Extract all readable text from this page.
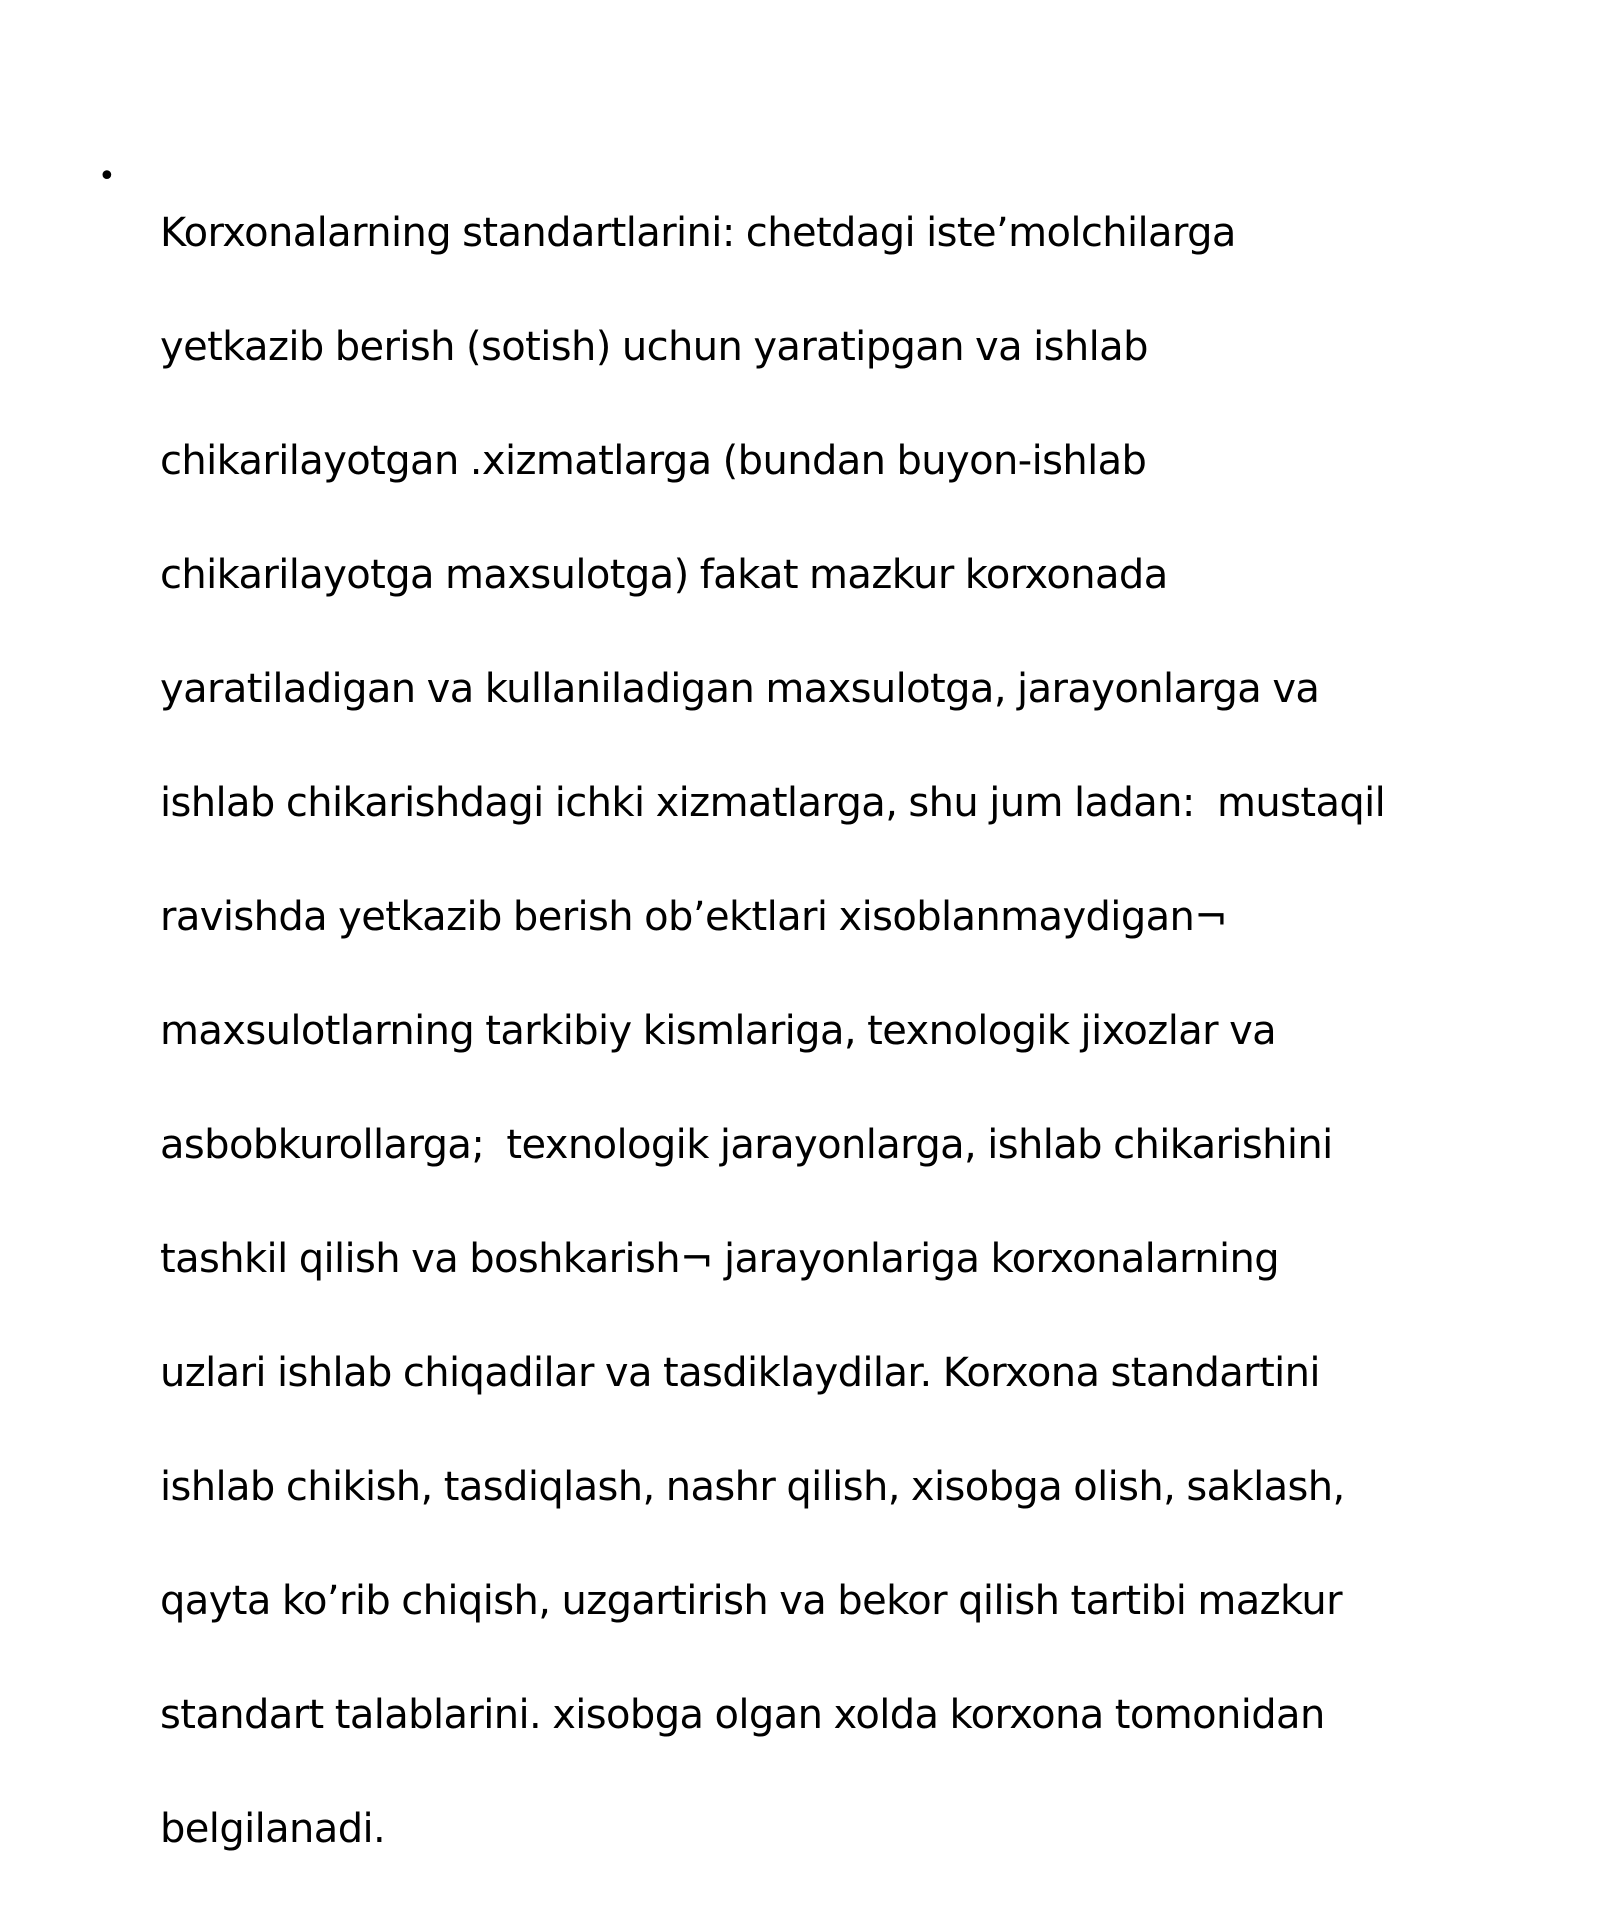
•

Korxonalarning standartlarini: chetdagi iste’molchilarga

yetkazib berish (sotish) uchun yaratipgan va ishlab

chikarilayotgan .xizmatlarga (bundan buyon-ishlab

chikarilayotga maxsulotga) fakat mazkur korxonada

yaratiladigan va kullaniladigan maxsulotga, jarayonlarga va

ishlab chikarishdagi ichki xizmatlarga, shu jum ladan:  mustaqil

ravishda yetkazib berish ob’ektlari xisoblanmaydigan¬

maxsulotlarning tarkibiy kismlariga, texnologik jixozlar va

asbobkurollarga;  texnologik jarayonlarga, ishlab chikarishini

tashkil qilish va boshkarish¬ jarayonlariga korxonalarning

uzlari ishlab chiqadilar va tasdiklaydilar. Korxona standartini

ishlab chikish, tasdiqlash, nashr qilish, xisobga olish, saklash,

qayta ko’rib chiqish, uzgartirish va bekor qilish tartibi mazkur

standart talablarini. xisobga olgan xolda korxona tomonidan

belgilanadi.
